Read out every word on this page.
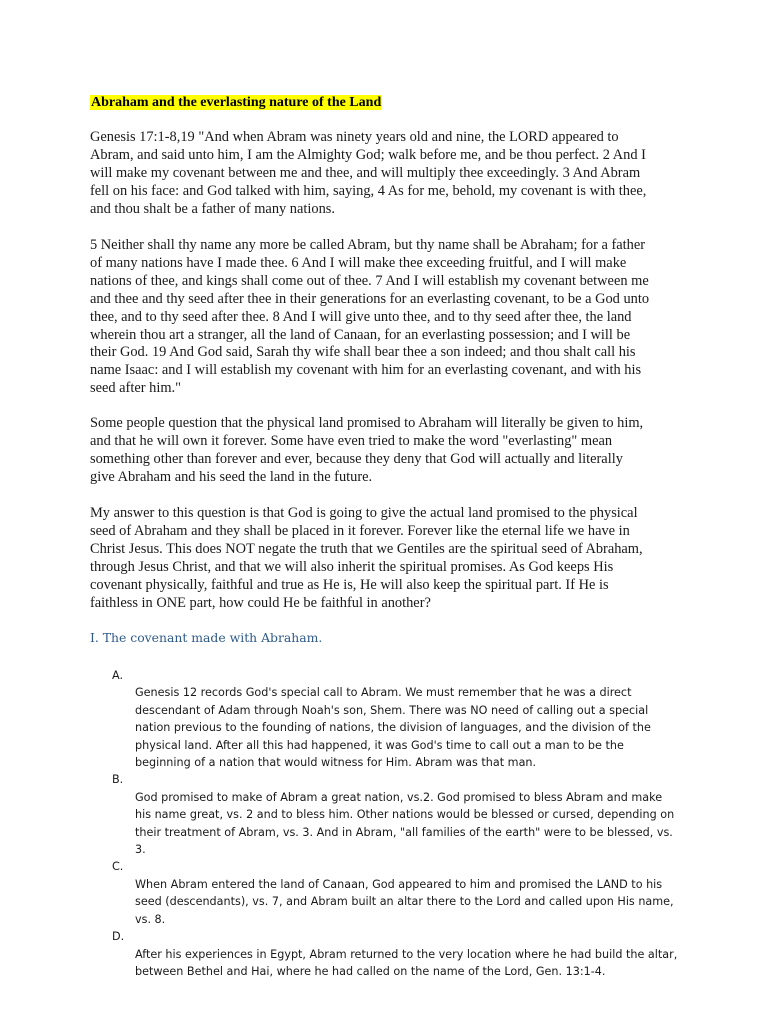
Abraham and the everlasting nature of the Land

Genesis 17:1-8,19 "And when Abram was ninety years old and nine, the LORD appeared to
Abram, and said unto him, I am the Almighty God; walk before me, and be thou perfect. 2 And I
will make my covenant between me and thee, and will multiply thee exceedingly. 3 And Abram
fell on his face: and God talked with him, saying, 4 As for me, behold, my covenant is with thee,
and thou shalt be a father of many nations.

5 Neither shall thy name any more be called Abram, but thy name shall be Abraham; for a father
of many nations have I made thee. 6 And I will make thee exceeding fruitful, and I will make
nations of thee, and kings shall come out of thee. 7 And I will establish my covenant between me
and thee and thy seed after thee in their generations for an everlasting covenant, to be a God unto
thee, and to thy seed after thee. 8 And I will give unto thee, and to thy seed after thee, the land
wherein thou art a stranger, all the land of Canaan, for an everlasting possession; and I will be
their God. 19 And God said, Sarah thy wife shall bear thee a son indeed; and thou shalt call his
name Isaac: and I will establish my covenant with him for an everlasting covenant, and with his
seed after him."

Some people question that the physical land promised to Abraham will literally be given to him,
and that he will own it forever. Some have even tried to make the word "everlasting" mean
something other than forever and ever, because they deny that God will actually and literally
give Abraham and his seed the land in the future.

My answer to this question is that God is going to give the actual land promised to the physical
seed of Abraham and they shall be placed in it forever. Forever like the eternal life we have in
Christ Jesus. This does NOT negate the truth that we Gentiles are the spiritual seed of Abraham,
through Jesus Christ, and that we will also inherit the spiritual promises. As God keeps His
covenant physically, faithful and true as He is, He will also keep the spiritual part. If He is
faithless in ONE part, how could He be faithful in another?

I. The covenant made with Abraham.

A.
Genesis 12 records God's special call to Abram. We must remember that he was a direct
descendant of Adam through Noah's son, Shem. There was NO need of calling out a special
nation previous to the founding of nations, the division of languages, and the division of the
physical land. After all this had happened, it was God's time to call out a man to be the
beginning of a nation that would witness for Him. Abram was that man.

B.
God promised to make of Abram a great nation, vs.2. God promised to bless Abram and make
his name great, vs. 2 and to bless him. Other nations would be blessed or cursed, depending on
their treatment of Abram, vs. 3. And in Abram, "all families of the earth" were to be blessed, vs.
3.

C.
When Abram entered the land of Canaan, God appeared to him and promised the LAND to his
seed (descendants), vs. 7, and Abram built an altar there to the Lord and called upon His name,
vs. 8.

D.
After his experiences in Egypt, Abram returned to the very location where he had build the altar,
between Bethel and Hai, where he had called on the name of the Lord, Gen. 13:1-4.
